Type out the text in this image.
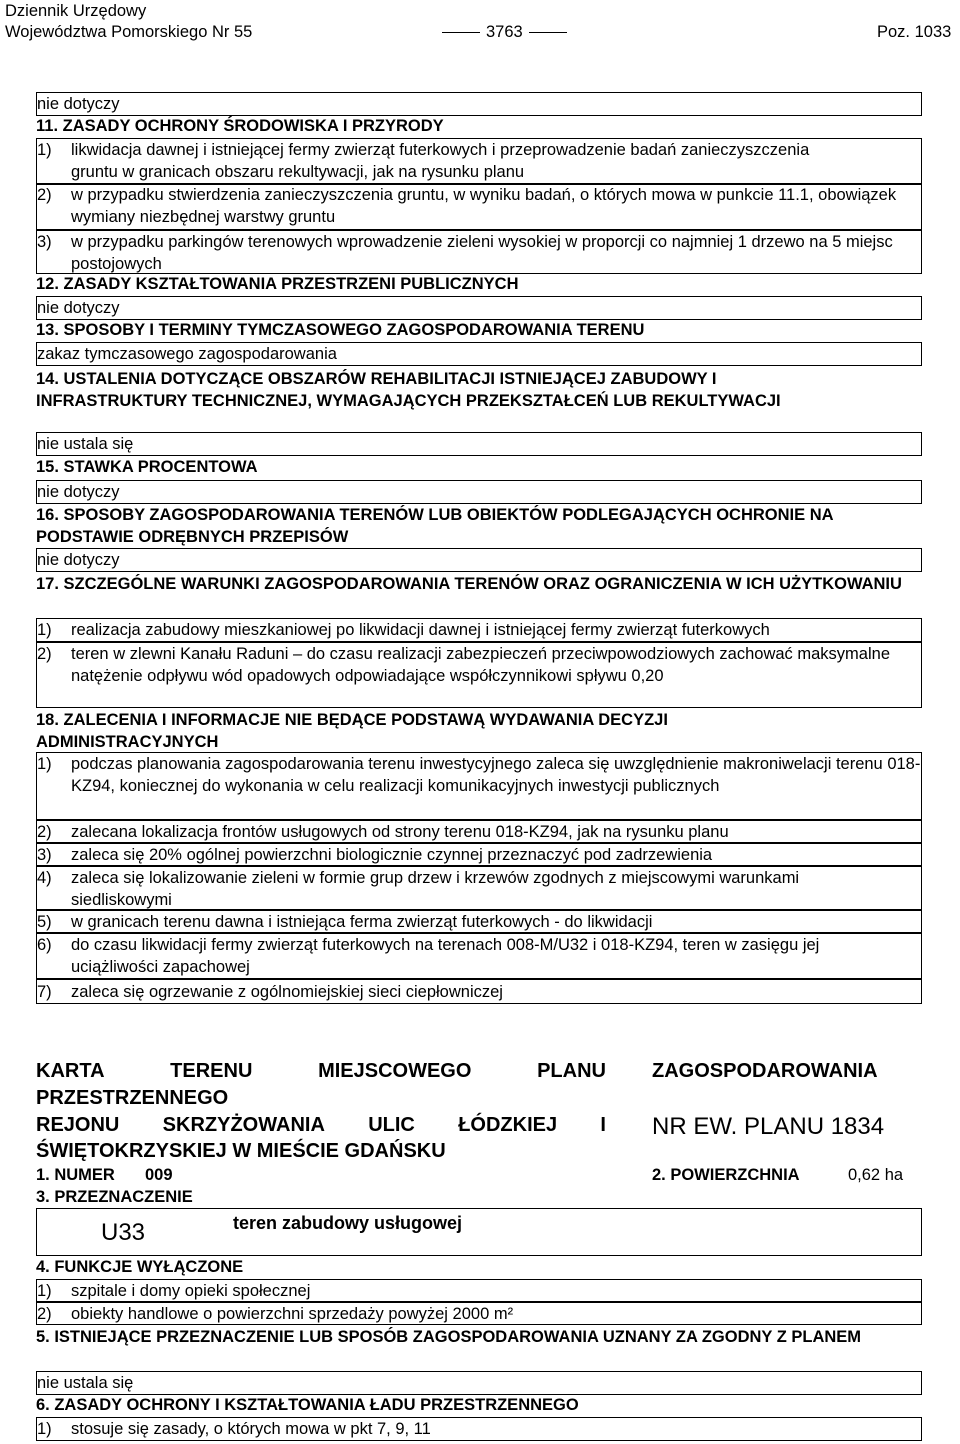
Dziennik Urzędowy
Województwa Pomorskiego Nr 55	3763	Poz. 1033
nie dotyczy
11. ZASADY OCHRONY ŚRODOWISKA I PRZYRODY
1) likwidacja dawnej i istniejącej fermy zwierząt futerkowych i przeprowadzenie badań zanieczyszczenia gruntu w granicach obszaru rekultywacji, jak na rysunku planu
2) w przypadku stwierdzenia zanieczyszczenia gruntu, w wyniku badań, o których mowa w punkcie 11.1, obowiązek wymiany niezbędnej warstwy gruntu
3) w przypadku parkingów terenowych wprowadzenie zieleni wysokiej w proporcji co najmniej 1 drzewo na 5 miejsc postojowych
12. ZASADY KSZTAŁTOWANIA PRZESTRZENI PUBLICZNYCH
nie dotyczy
13. SPOSOBY I TERMINY TYMCZASOWEGO ZAGOSPODAROWANIA TERENU
zakaz tymczasowego zagospodarowania
14. USTALENIA DOTYCZĄCE OBSZARÓW REHABILITACJI ISTNIEJĄCEJ ZABUDOWY I INFRASTRUKTURY TECHNICZNEJ, WYMAGAJĄCYCH PRZEKSZTAŁCEŃ LUB REKULTYWACJI
nie ustala się
15. STAWKA PROCENTOWA
nie dotyczy
16. SPOSOBY ZAGOSPODAROWANIA TERENÓW LUB OBIEKTÓW PODLEGAJĄCYCH OCHRONIE NA PODSTAWIE ODRĘBNYCH PRZEPISÓW
nie dotyczy
17. SZCZEGÓLNE WARUNKI ZAGOSPODAROWANIA TERENÓW ORAZ OGRANICZENIA W ICH UŻYTKOWANIU
1) realizacja zabudowy mieszkaniowej po likwidacji dawnej i istniejącej fermy zwierząt futerkowych
2) teren w zlewni Kanału Raduni – do czasu realizacji zabezpieczeń przeciwpowodziowych zachować maksymalne natężenie odpływu wód opadowych odpowiadające współczynnikowi spływu 0,20
18. ZALECENIA I INFORMACJE NIE BĘDĄCE PODSTAWĄ WYDAWANIA DECYZJI ADMINISTRACYJNYCH
1) podczas planowania zagospodarowania terenu inwestycyjnego zaleca się uwzględnienie makroniwelacji terenu 018-KZ94, koniecznej do wykonania w celu realizacji komunikacyjnych inwestycji publicznych
2) zalecana lokalizacja frontów usługowych od strony terenu 018-KZ94, jak na rysunku planu
3) zaleca się 20% ogólnej powierzchni biologicznie czynnej przeznaczyć pod zadrzewienia
4) zaleca się lokalizowanie zieleni w formie grup drzew i krzewów zgodnych z miejscowymi warunkami siedliskowymi
5) w granicach terenu dawna i istniejąca ferma zwierząt futerkowych - do likwidacji
6) do czasu likwidacji fermy zwierząt futerkowych na terenach 008-M/U32 i 018-KZ94, teren w zasięgu jej uciążliwości zapachowej
7) zaleca się ogrzewanie z ogólnomiejskiej sieci ciepłowniczej
KARTA	TERENU	MIEJSCOWEGO	PLANU ZAGOSPODAROWANIA
PRZESTRZENNEGO
REJONU SKRZYŻOWANIA ULIC ŁÓDZKIEJ I
ŚWIĘTOKRZYSKIEJ W MIEŚCIE GDAŃSKU
NR EW. PLANU 1834
1. NUMER 009	2. POWIERZCHNIA	0,62 ha
3. PRZEZNACZENIE
U33	teren zabudowy usługowej
4. FUNKCJE WYŁĄCZONE
1) szpitale i domy opieki społecznej
2) obiekty handlowe o powierzchni sprzedaży powyżej 2000 m²
5. ISTNIEJĄCE PRZEZNACZENIE LUB SPOSÓB ZAGOSPODAROWANIA UZNANY ZA ZGODNY Z PLANEM
nie ustala się
6. ZASADY OCHRONY I KSZTAŁTOWANIA ŁADU PRZESTRZENNEGO
1) stosuje się zasady, o których mowa w pkt 7, 9, 11
